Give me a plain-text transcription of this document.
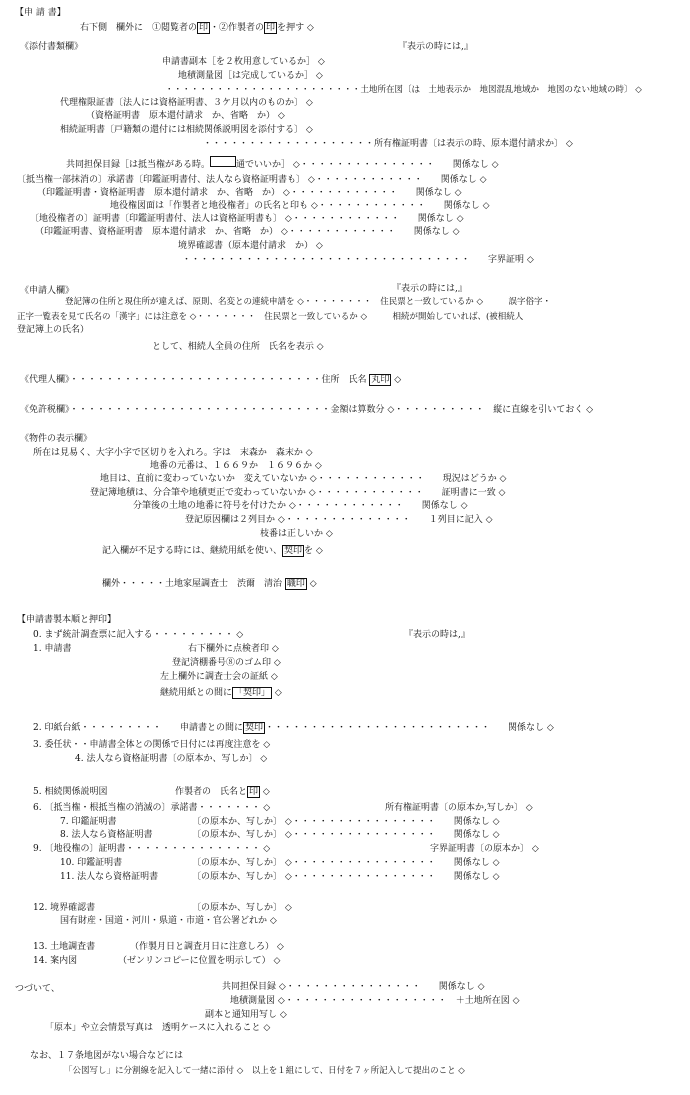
【申 請 書】
右下側　欄外に　①閲覧者の 印 ・②作製者の 印 を押す ◇
《添付書類欄》	『表示の時には,』
申請書副本［を２枚用意しているか］ ◇
地積測量図［は完成しているか］ ◇
・・・・・・・・・・・・・・・・・・・・・・・土地所在図〔は　土地表示か　地図混乱地域か　地図のない地域の時〕 ◇
代理権限証書〔法人には資格証明書、３ケ月以内のものか〕 ◇
（資格証明書　原本還付請求　か、省略　か） ◇
相続証明書〔戸籍類の還付には相続関係説明図を添付する〕 ◇
・・・・・・・・・・・・・・・・・・・所有権証明書〔は表示の時、原本還付請求か〕 ◇
共同担保目録［は抵当権がある時。	通でいいか］ ◇・・・・・・・・・・・・・・・　　関係なし ◇
〔抵当権一部抹消の〕承諾書〔印鑑証明書付、法人なら資格証明書も〕 ◇・・・・・・・・・・・・　　関係なし ◇
（印鑑証明書・資格証明書　原本還付請求　か、省略　か） ◇・・・・・・・・・・・・　　関係なし ◇
地役権図面は「作製者と地役権者」の氏名と印も ◇・・・・・・・・・・・・　　関係なし ◇
〔地役権者の〕証明書〔印鑑証明書付、法人は資格証明書も〕 ◇・・・・・・・・・・・・　　関係なし ◇
（印鑑証明書、資格証明書　原本還付請求　か、省略　か） ◇・・・・・・・・・・・・　　関係なし ◇
境界確認書（原本還付請求　か） ◇
・・・・・・・・・・・・・・・・・・・・・・・・・・・・・・・・　　字界証明 ◇
《申請人欄》	『表示の時には,』
登記簿の住所と現住所が違えば、原則、名変との連続申請を ◇・・・・・・・・　住民票と一致しているか ◇　　　誤字俗字・
正字一覧表を見て氏名の「漢字」には注意を ◇・・・・・・・　住民票と一致しているか ◇　　　相続が開始していれば、(被相続人
登記簿上の氏名）
として、相続人全員の住所　氏名を表示 ◇
《代理人欄》・・・・・・・・・・・・・・・・・・・・・・・・・・・・住所　氏名 丸印 ◇
《免許税欄》・・・・・・・・・・・・・・・・・・・・・・・・・・・・・金額は算数分 ◇・・・・・・・・・・　縦に直線を引いておく ◇
《物件の表示欄》
所在は見易く、大字小字で区切りを入れろ。字は　末森か　森末か ◇
地番の元番は、１６６９か　１６９６か ◇
地目は、直前に変わっていないか　変えていないか ◇・・・・・・・・・・・・　　現況はどうか ◇
登記簿地積は、分合筆や地積更正で変わっていないか ◇・・・・・・・・・・・・　　証明書に一致 ◇
分筆後の土地の地番に符号を付けたか ◇・・・・・・・・・・・・　　関係なし ◇
登記原因欄は２列目か ◇・・・・・・・・・・・・・・　　１列目に記入 ◇
枝番は正しいか ◇
記入欄が不足する時には、継続用紙を使い、 契印 を ◇
欄外・・・・・土地家屋調査士　渋爾　清治 職印 ◇
【申請書製本順と押印】
『表示の時は,』
0. まず統計調査票に記入する・・・・・・・・・ ◇
1. 申請書	右下欄外に点検者印 ◇
登記済棚番号⑧のゴム印 ◇
左上欄外に調査士会の証紙 ◇
継続用紙との間に 「契印」 ◇
2. 印紙台紙・・・・・・・・・ 申請書との間に 契印 ・・・・・・・・・・・・・・・・・・・・・・・・・　　関係なし ◇
3. 委任状・・申請書全体との関係で日付には再度注意を ◇
4. 法人なら資格証明書〔の原本か、写しか〕 ◇
5. 相続関係説明図	作製者の　氏名と 印 ◇
6. 〔抵当権・根抵当権の消滅の〕承諾書・・・・・・・ ◇	所有権証明書〔の原本か,写しか〕 ◇
7. 印鑑証明書	〔の原本か、写しか〕 ◇・・・・・・・・・・・・・・・・　　関係なし ◇
8. 法人なら資格証明書	〔の原本か、写しか〕 ◇・・・・・・・・・・・・・・・・　　関係なし ◇
9. 〔地役権の〕証明書・・・・・・・・・・・・・・・ ◇	字界証明書〔の原本か〕 ◇
10. 印鑑証明書	〔の原本か、写しか〕 ◇・・・・・・・・・・・・・・・・　　関係なし ◇
11. 法人なら資格証明書	〔の原本か、写しか〕 ◇・・・・・・・・・・・・・・・・　　関係なし ◇
12. 境界確認書	〔の原本か、写しか〕 ◇
国有財産・国道・河川・県道・市道・官公署どれか ◇
13. 土地調査書	（作製月日と調査月日に注意しろ） ◇
14. 案内図	（ゼンリンコピーに位置を明示して） ◇
つづいて、	共同担保目録 ◇・・・・・・・・・・・・・・・　　関係なし ◇
地積測量図 ◇・・・・・・・・・・・・・・・・・・　＋土地所在図 ◇
副本と通知用写し ◇
「原本」や立会情景写真は　透明ケースに入れること ◇
なお、１７条地図がない場合などには
「公図写し」に分割線を記入して一緒に添付 ◇　以上を１組にして、日付を７ヶ所記入して提出のこと ◇
